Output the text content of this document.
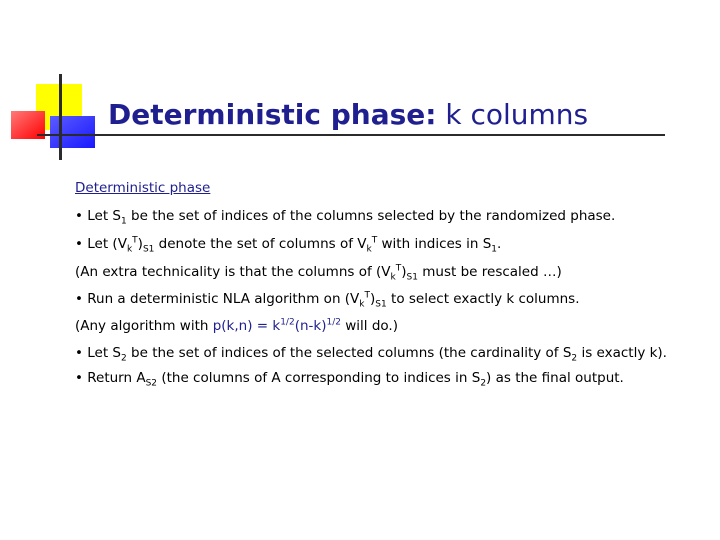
Deterministic phase: k columns
Deterministic phase
• Let $S_1$ be the set of indices of the columns selected by the randomized phase.
• Let $(V_k^T)_{S1}$ denote the set of columns of $V_k^T$ with indices in $S_1$.
(An extra technicality is that the columns of $(V_k^T)_{S1}$ must be rescaled …)
• Run a deterministic NLA algorithm on $(V_k^T)_{S1}$ to select exactly k columns.
(Any algorithm with $p(k,n) = k^{1/2}(n-k)^{1/2}$ will do.)
• Let $S_2$ be the set of indices of the selected columns (the cardinality of $S_2$ is exactly k).
• Return $A_{S2}$ (the columns of A corresponding to indices in $S_2$) as the final output.
